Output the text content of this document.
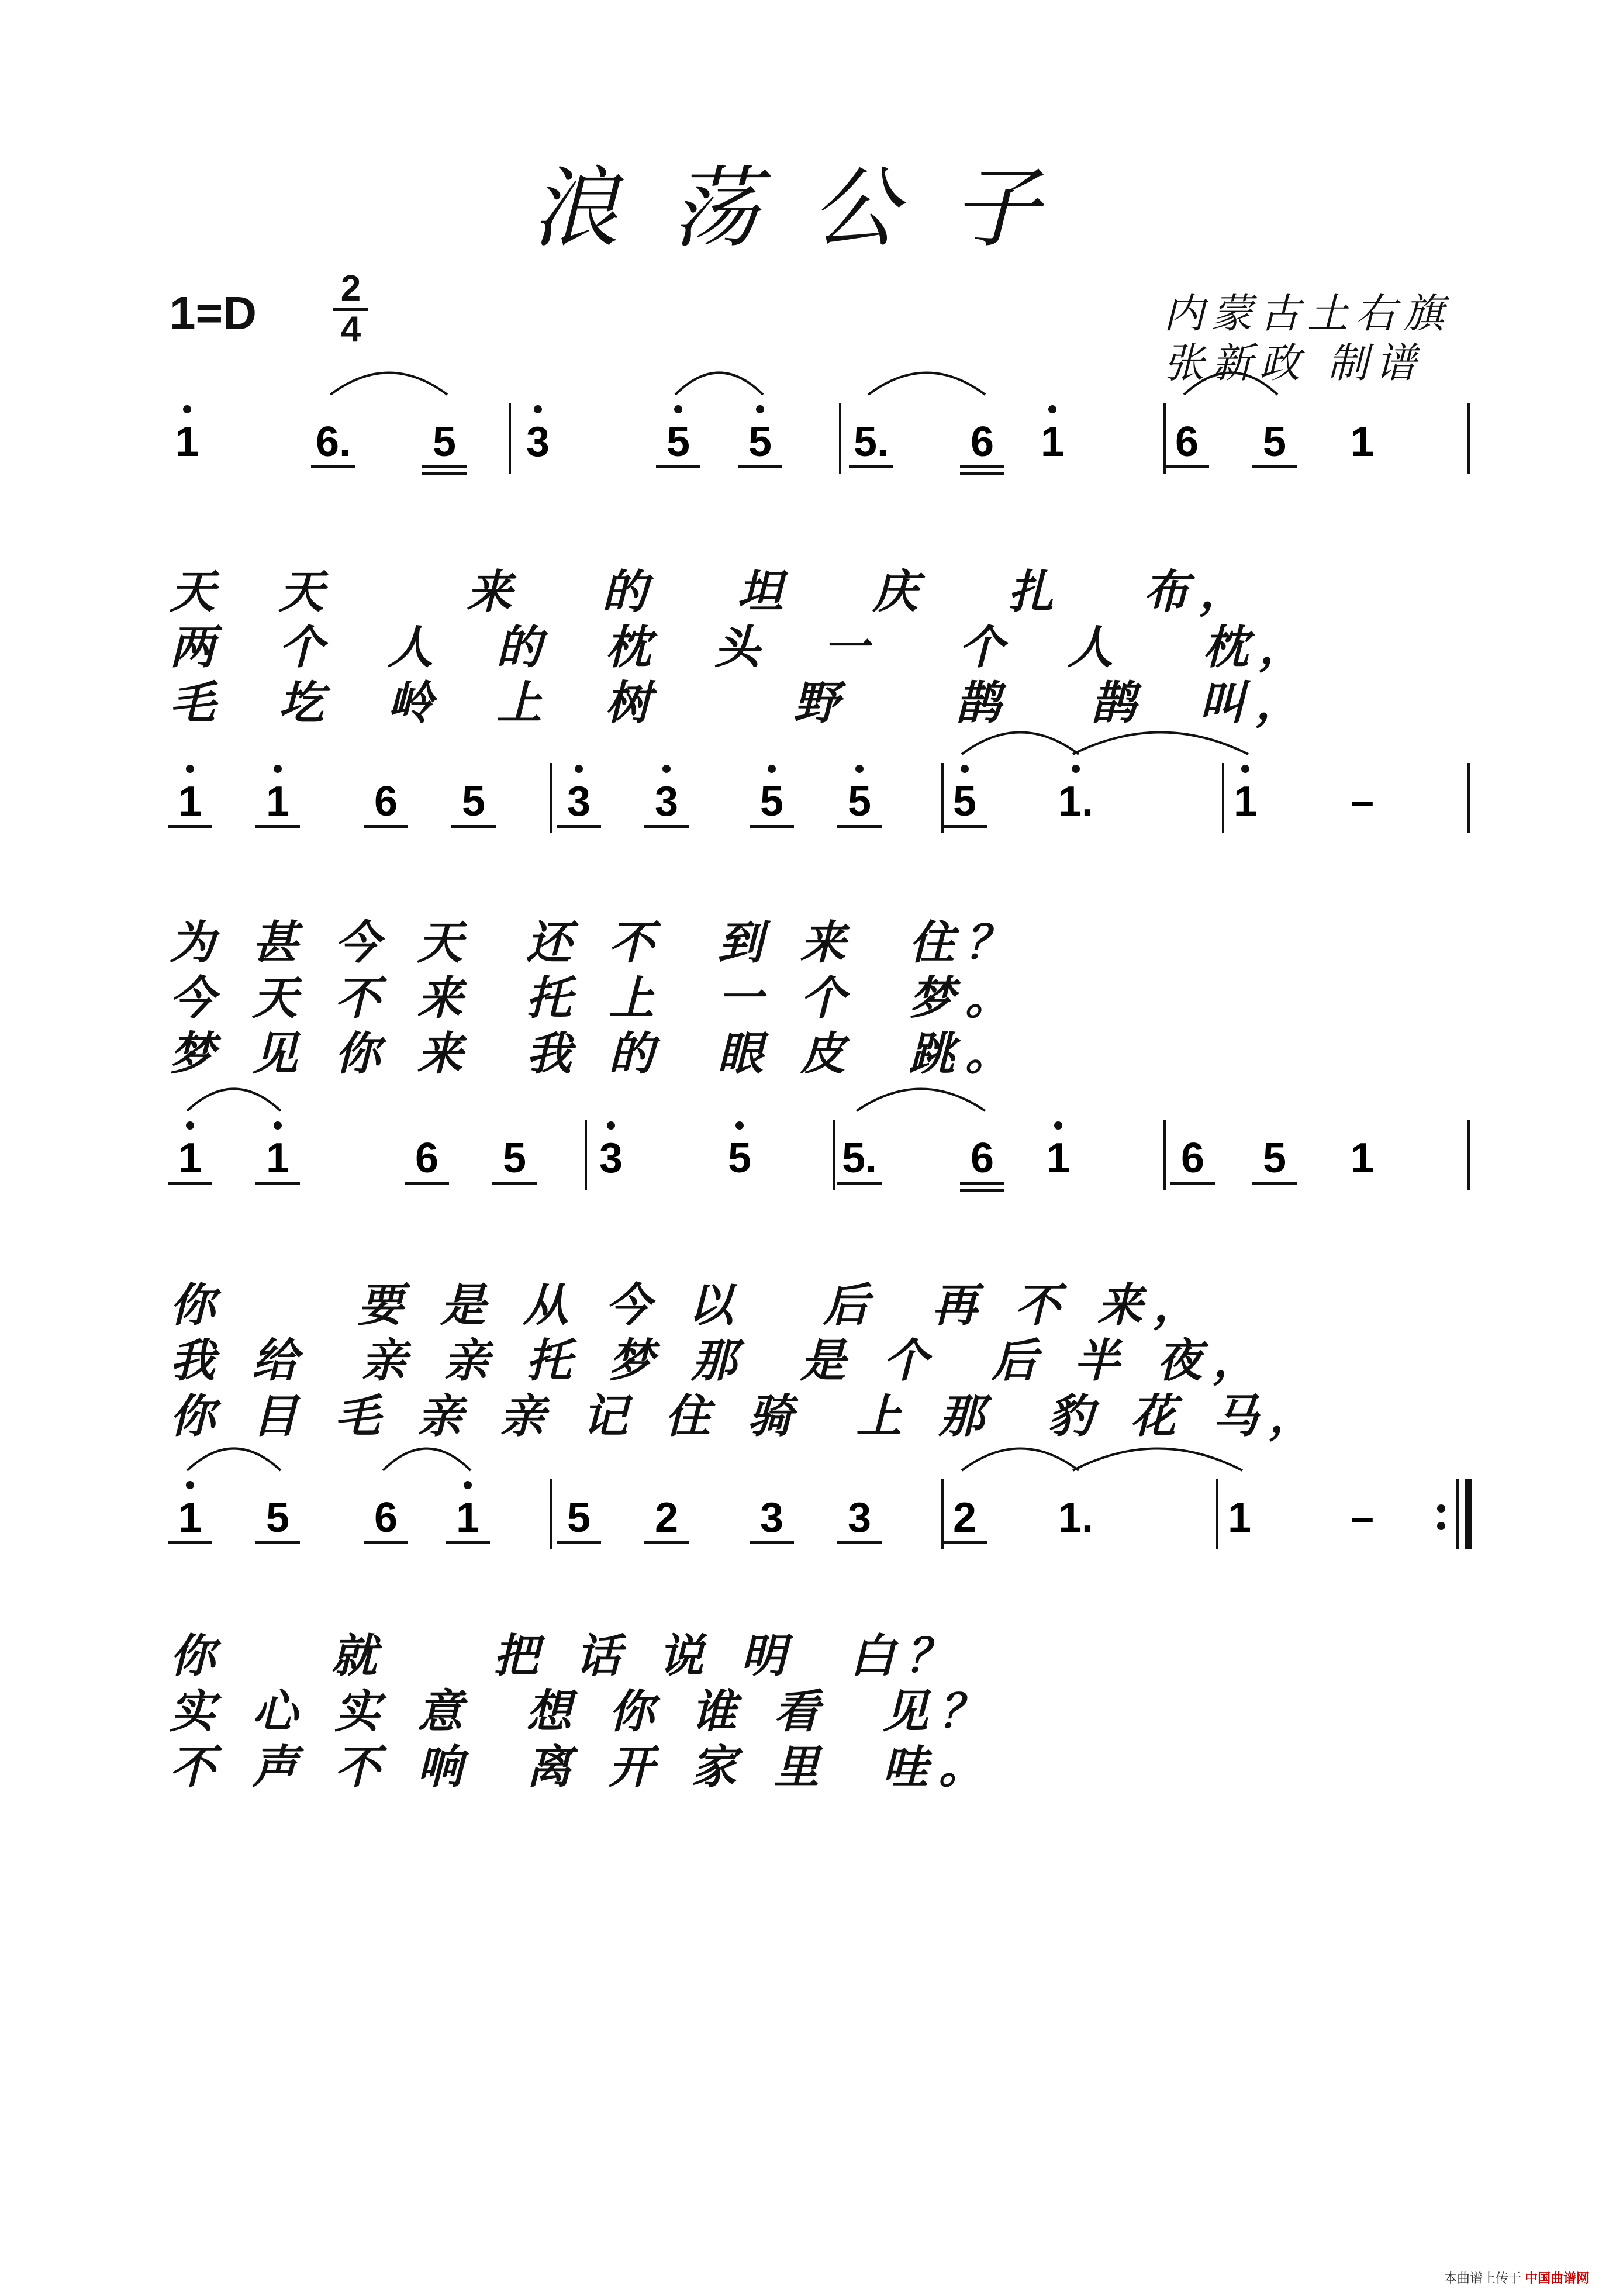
浪荡公子
1=D 2
4	内蒙古土右旗
张新政 制谱
1	6. 5 3	5 5 5. 6 1	6 5 1
1 1 6 5 3 3 5 5 5 1.	1 –
1 1	6 5 3 5 5. 6 1	6 5 1
1 5 6 1 5 2 3 3 2 1.	1 –
天  天     来   的   坦   庆   扎   布，
两  个  人  的  枕  头  一   个  人   枕，
毛  圪  岭  上  树     野    鹊   鹊  叫，
为 甚 今 天  还 不  到 来  住？
今 天 不 来  托 上  一 个  梦。
梦 见 你 来  我 的  眼 皮  跳。
你     要 是 从 今 以   后  再 不 来，
我 给  亲 亲 托 梦 那  是 个  后 半 夜，
你 目 毛 亲 亲 记 住 骑  上 那  豹 花 马，
你    就    把 话 说 明  白？
实 心 实 意  想 你 谁 看  见？
不 声 不 响  离 开 家 里  哇。
本曲谱上传于 中国曲谱网
